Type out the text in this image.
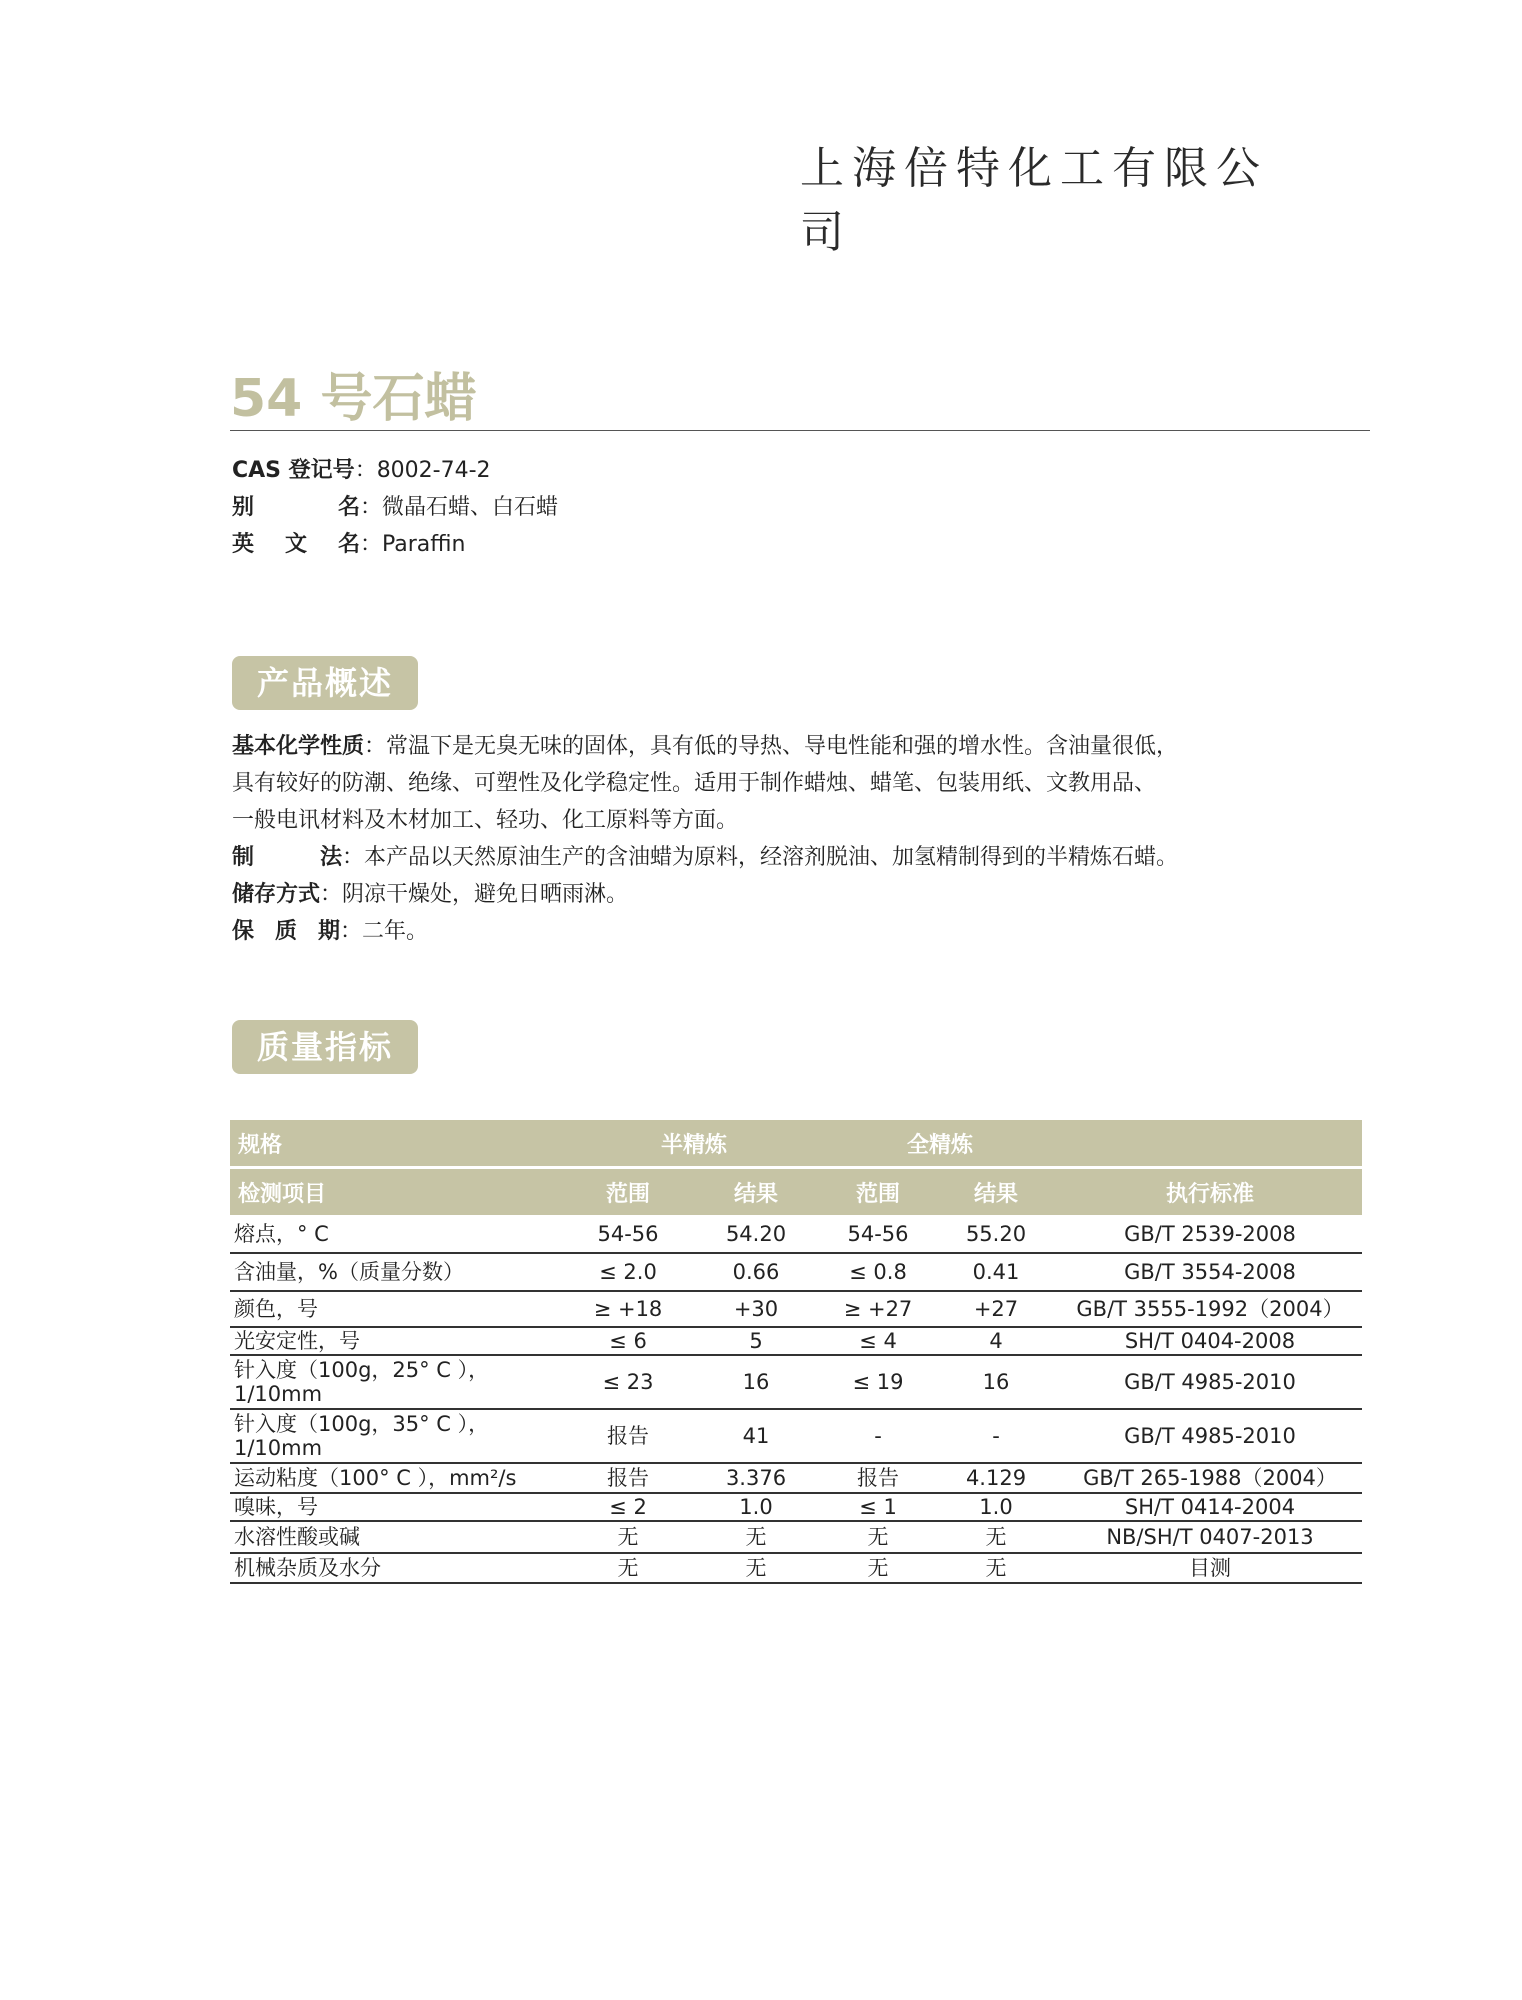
上海倍特化工有限公司
54 号石蜡
CAS 登记号 ：8002-74-2
别名 ：微晶石蜡、白石蜡
英文名 ：Paraffin
产品概述

基本化学性质：常温下是无臭无味的固体，具有低的导热、导电性能和强的增水性。含油量很低，

具有较好的防潮、绝缘、可塑性及化学稳定性。适用于制作蜡烛、蜡笔、包装用纸、文教用品、

一般电讯材料及木材加工、轻功、化工原料等方面。

制法：本产品以天然原油生产的含油蜡为原料，经溶剂脱油、加氢精制得到的半精炼石蜡。

储存方式：阴凉干燥处，避免日晒雨淋。

保质期：二年。

质量指标
规格	半精炼		全精炼		
检测项目	范围	结果	范围	结果	执行标准
熔点，° C	54-56	54.20	54-56	55.20	GB/T 2539-2008
含油量，%（质量分数）	≤ 2.0	0.66	≤ 0.8	0.41	GB/T 3554-2008
颜色，号	≥ +18	+30	≥ +27	+27	GB/T 3555-1992（2004）
光安定性，号	≤ 6	5	≤ 4	4	SH/T 0404-2008
针入度（100g，25° C ），
1/10mm	≤ 23	16	≤ 19	16	GB/T 4985-2010
针入度（100g，35° C ），
1/10mm	报告	41	-	-	GB/T 4985-2010
运动粘度（100° C ），mm²/s	报告	3.376	报告	4.129	GB/T 265-1988（2004）
嗅味，号	≤ 2	1.0	≤ 1	1.0	SH/T 0414-2004
水溶性酸或碱	无	无	无	无	NB/SH/T 0407-2013
机械杂质及水分	无	无	无	无	目测
